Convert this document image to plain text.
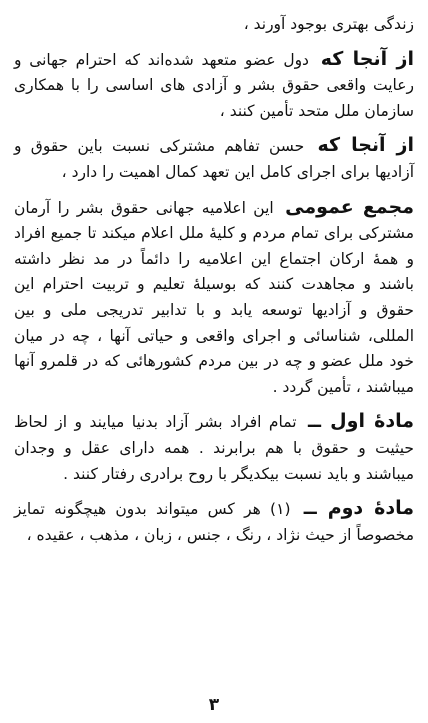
زندگی بهتری بوجود آورند ،

از آنجا که دول عضو متعهد شده‌اند که احترام جهانی و رعایت واقعی حقوق بشر و آزادی های اساسی را با همکاری سازمان ملل متحد تأمین کنند ،

از آنجا که حسن تفاهم مشترکی نسبت باین حقوق و آزادیها برای اجرای کامل این تعهد کمال اهمیت را دارد ،

مجمع عمومی این اعلامیه جهانی حقوق بشر را آرمان مشترکی برای تمام مردم و کلیهٔ ملل اعلام میکند تا جمیع افراد و همهٔ ارکان اجتماع این اعلامیه را دائماً در مد نظر داشته باشند و مجاهدت کنند که بوسیلهٔ تعلیم و تربیت احترام این حقوق و آزادیها توسعه یابد و با تدابیر تدریجی ملی و بین المللی، شناسائی و اجرای واقعی و حیاتی آنها ، چه در میان خود ملل عضو و چه در بین مردم کشورهائی که در قلمرو آنها میباشند ، تأمین گردد .

مادهٔ اول ــ تمام افراد بشر آزاد بدنیا میایند و از لحاظ حیثیت و حقوق با هم برابرند . همه دارای عقل و وجدان میباشند و باید نسبت بیکدیگر با روح برادری رفتار کنند .

مادهٔ دوم ــ (۱) هر کس میتواند بدون هیچگونه تمایز مخصوصاً از حیث نژاد ، رنگ ، جنس ، زبان ، مذهب ، عقیده ،

۳
